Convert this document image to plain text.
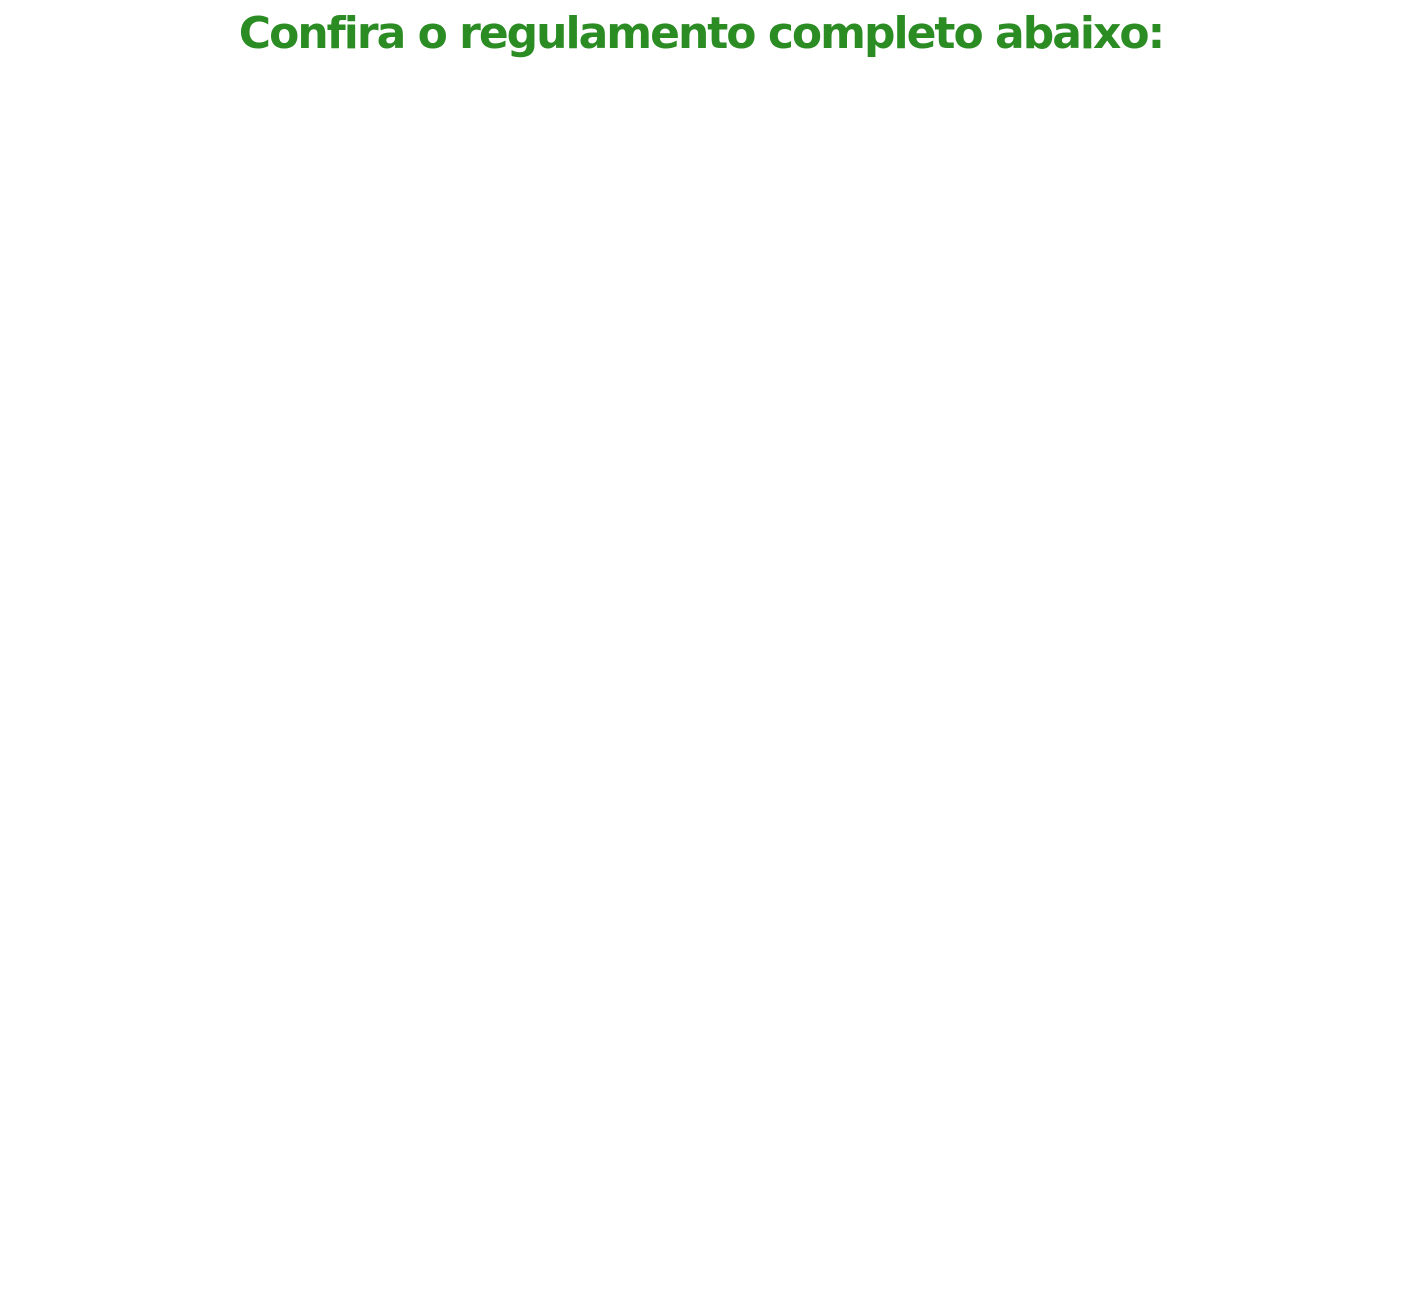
Confira o regulamento completo abaixo:
